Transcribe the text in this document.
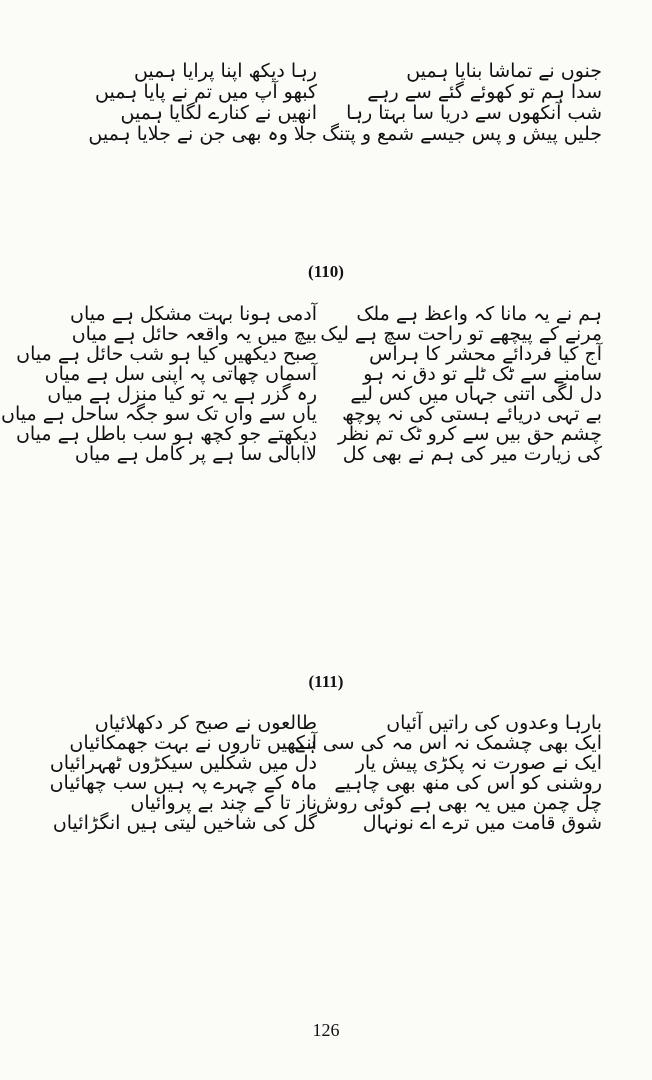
جنوں نے تماشا بنایا ہمیں
رہا دیکھ اپنا پرایا ہمیں
سدا ہم تو کھوئے گئے سے رہے
کبھو آپ میں تم نے پایا ہمیں
شب آنکھوں سے دریا سا بہتا رہا
انھیں نے کنارے لگایا ہمیں
جلیں پیش و پس جیسے شمع و پتنگ
جلا وہ بھی جن نے جلایا ہمیں
(110)
ہم نے یہ مانا کہ واعظ ہے ملک
آدمی ہونا بہت مشکل ہے میاں
مرنے کے پیچھے تو راحت سچ ہے لیک
بیچ میں یہ واقعہ حائل ہے میاں
آج کیا فردائے محشر کا ہراس
صبح دیکھیں کیا ہو شب حائل ہے میاں
سامنے سے ٹک ٹلے تو دق نہ ہو
آسماں چھاتی پہ اپنی سل ہے میاں
دل لگی اتنی جہاں میں کس لیے
رہ گزر ہے یہ تو کیا منزل ہے میاں
بے تہی دریائے ہستی کی نہ پوچھ
یاں سے واں تک سو جگہ ساحل ہے میاں
چشم حق بیں سے کرو ٹک تم نظر
دیکھتے جو کچھ ہو سب باطل ہے میاں
کی زیارت میر کی ہم نے بھی کل
لاابالی سا ہے پر کامل ہے میاں
(111)
بارہا وعدوں کی راتیں آئیاں
طالعوں نے صبح کر دکھلائیاں
ایک بھی چشمک نہ اس مہ کی سی ہے
آنکھیں تاروں نے بہت جھمکائیاں
ایک نے صورت نہ پکڑی پیش یار
دل میں شکلیں سیکڑوں ٹھہرائیاں
روشنی کو اس کی منھ بھی چاہیے
ماہ کے چہرے پہ ہیں سب چھائیاں
چل چمن میں یہ بھی ہے کوئی روش
ناز تا کے چند بے پروائیاں
شوق قامت میں ترے اے نونہال
گل کی شاخیں لیتی ہیں انگڑائیاں
126
